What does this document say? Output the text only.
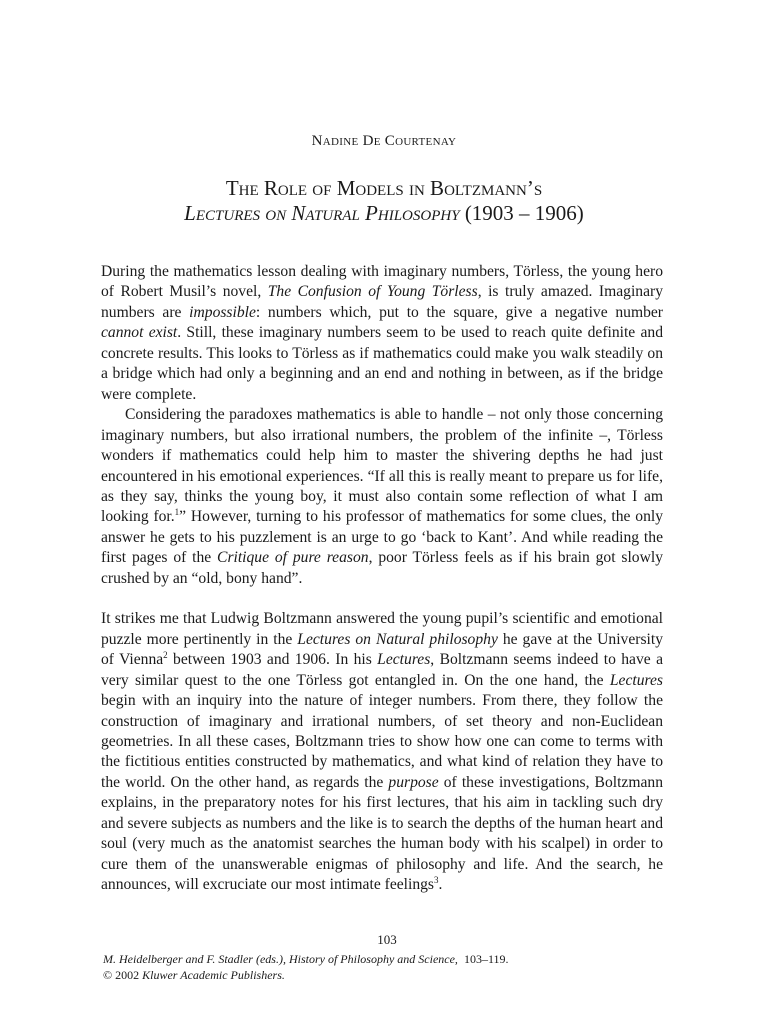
Nadine De Courtenay
The Role of Models in Boltzmann’s
Lectures on Natural Philosophy (1903 – 1906)

During the mathematics lesson dealing with imaginary numbers, Törless, the young hero of Robert Musil’s novel, The Confusion of Young Törless, is truly amazed. Imaginary numbers are impossible: numbers which, put to the square, give a negative number cannot exist. Still, these imaginary numbers seem to be used to reach quite definite and concrete results. This looks to Törless as if mathematics could make you walk steadily on a bridge which had only a beginning and an end and nothing in between, as if the bridge were complete.

Considering the paradoxes mathematics is able to handle – not only those concerning imaginary numbers, but also irrational numbers, the problem of the infinite –, Törless wonders if mathematics could help him to master the shivering depths he had just encountered in his emotional experiences. “If all this is really meant to prepare us for life, as they say, thinks the young boy, it must also contain some reflection of what I am looking for.$^1$” However, turning to his professor of mathematics for some clues, the only answer he gets to his puzzlement is an urge to go ‘back to Kant’. And while reading the first pages of the Critique of pure reason, poor Törless feels as if his brain got slowly crushed by an “old, bony hand”.

It strikes me that Ludwig Boltzmann answered the young pupil’s scientific and emotional puzzle more pertinently in the Lectures on Natural philosophy he gave at the University of Vienna$^2$ between 1903 and 1906. In his Lectures, Boltzmann seems indeed to have a very similar quest to the one Törless got entangled in. On the one hand, the Lectures begin with an inquiry into the nature of integer numbers. From there, they follow the construction of imaginary and irrational numbers, of set theory and non-Euclidean geometries. In all these cases, Boltzmann tries to show how one can come to terms with the fictitious entities constructed by mathematics, and what kind of relation they have to the world. On the other hand, as regards the purpose of these investigations, Boltzmann explains, in the preparatory notes for his first lectures, that his aim in tackling such dry and severe subjects as numbers and the like is to search the depths of the human heart and soul (very much as the anatomist searches the human body with his scalpel) in order to cure them of the unanswerable enigmas of philosophy and life. And the search, he announces, will excruciate our most intimate feelings$^3$.

103
M. Heidelberger and F. Stadler (eds.), History of Philosophy and Science,  103–119.
© 2002 Kluwer Academic Publishers.
